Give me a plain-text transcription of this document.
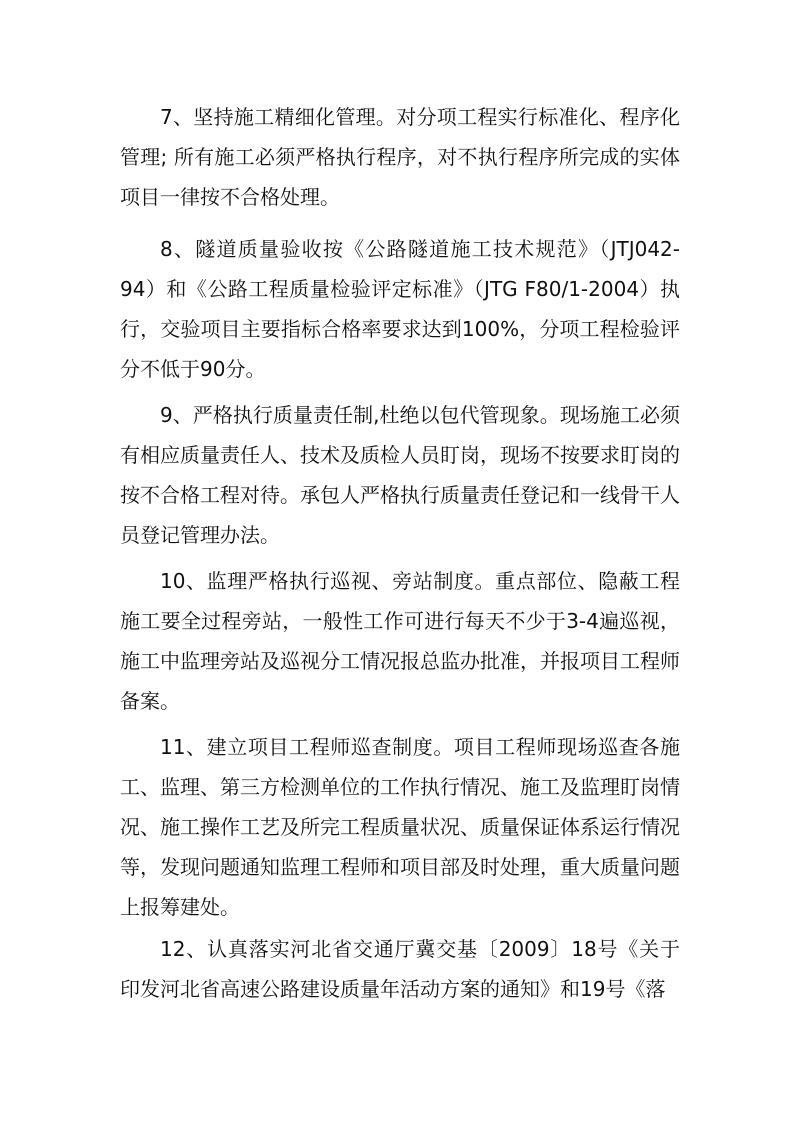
7、坚持施工精细化管理。对分项工程实行标准化、程序化管理; 所有施工必须严格执行程序，对不执行程序所完成的实体项目一律按不合格处理。

8、隧道质量验收按《公路隧道施工技术规范》（JTJ042-94）和《公路工程质量检验评定标准》（JTG F80/1-2004）执行，交验项目主要指标合格率要求达到100%，分项工程检验评分不低于90分。

9、严格执行质量责任制,杜绝以包代管现象。现场施工必须有相应质量责任人、技术及质检人员盯岗，现场不按要求盯岗的按不合格工程对待。承包人严格执行质量责任登记和一线骨干人员登记管理办法。

10、监理严格执行巡视、旁站制度。重点部位、隐蔽工程施工要全过程旁站，一般性工作可进行每天不少于3-4遍巡视，施工中监理旁站及巡视分工情况报总监办批准，并报项目工程师备案。

11、建立项目工程师巡查制度。项目工程师现场巡查各施工、监理、第三方检测单位的工作执行情况、施工及监理盯岗情况、施工操作工艺及所完工程质量状况、质量保证体系运行情况等，发现问题通知监理工程师和项目部及时处理，重大质量问题上报筹建处。

12、认真落实河北省交通厅冀交基〔2009〕18号《关于印发河北省高速公路建设质量年活动方案的通知》和19号《落
